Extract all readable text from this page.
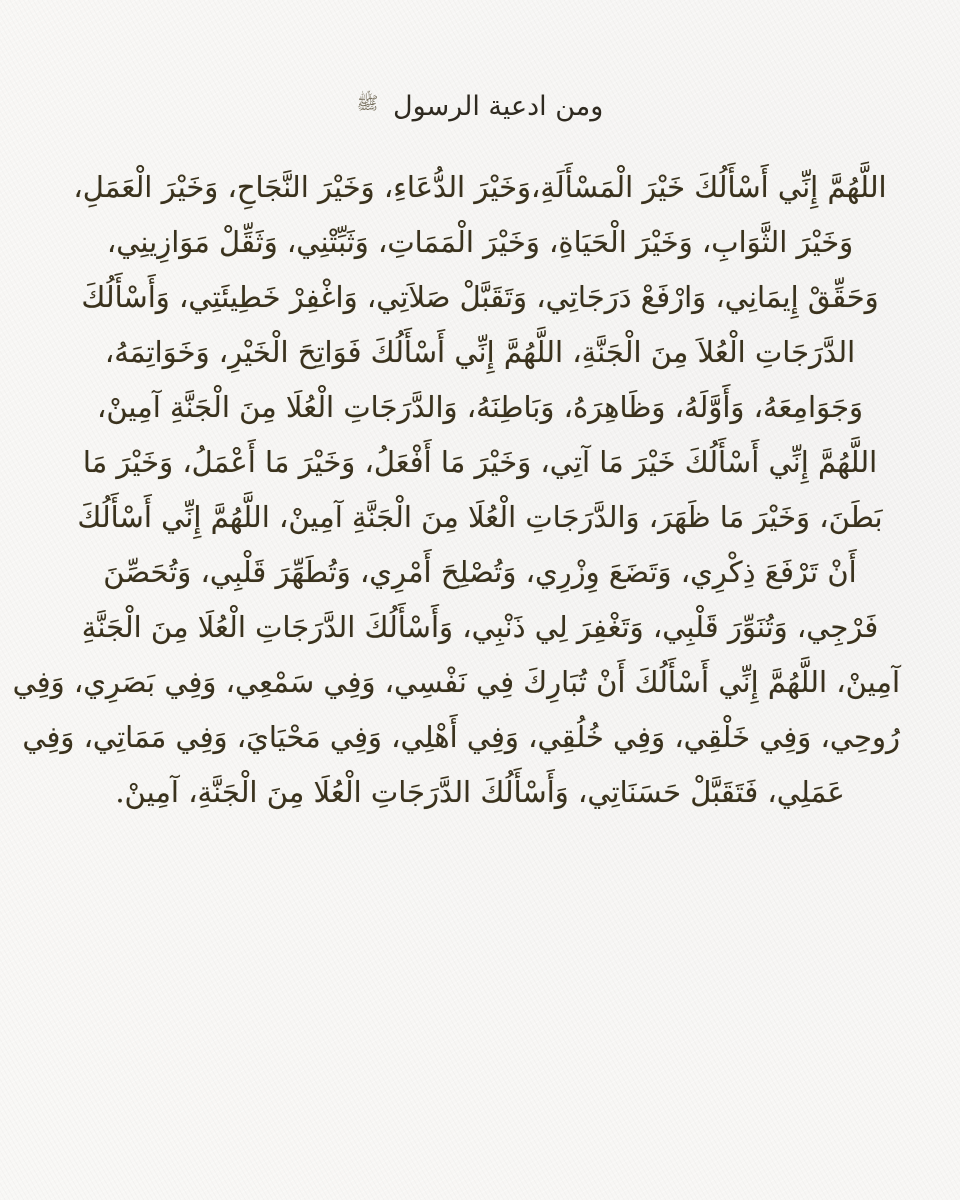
ومن ادعية الرسول $^ﷺ$
اللَّهُمَّ إِنِّي أَسْأَلُكَ خَيْرَ الْمَسْأَلَةِ،وَخَيْرَ الدُّعَاءِ، وَخَيْرَ النَّجَاحِ، وَخَيْرَ الْعَمَلِ،
وَخَيْرَ الثَّوَابِ، وَخَيْرَ الْحَيَاةِ، وَخَيْرَ الْمَمَاتِ، وَثَبِّتْنِي، وَثَقِّلْ مَوَازِينِي،
وَحَقِّقْ إِيمَانِي، وَارْفَعْ دَرَجَاتِي، وَتَقَبَّلْ صَلاَتِي، وَاغْفِرْ خَطِيئَتِي، وَأَسْأَلُكَ
الدَّرَجَاتِ الْعُلاَ مِنَ الْجَنَّةِ، اللَّهُمَّ إِنِّي أَسْأَلُكَ فَوَاتِحَ الْخَيْرِ، وَخَوَاتِمَهُ،
وَجَوَامِعَهُ، وَأَوَّلَهُ، وَظَاهِرَهُ، وَبَاطِنَهُ، وَالدَّرَجَاتِ الْعُلَا مِنَ الْجَنَّةِ آمِينْ،
اللَّهُمَّ إِنِّي أَسْأَلُكَ خَيْرَ مَا آتِي، وَخَيْرَ مَا أَفْعَلُ، وَخَيْرَ مَا أَعْمَلُ، وَخَيْرَ مَا
بَطَنَ، وَخَيْرَ مَا ظَهَرَ، وَالدَّرَجَاتِ الْعُلَا مِنَ الْجَنَّةِ آمِينْ، اللَّهُمَّ إِنِّي أَسْأَلُكَ
أَنْ تَرْفَعَ ذِكْرِي، وَتَضَعَ وِزْرِي، وَتُصْلِحَ أَمْرِي، وَتُطَهِّرَ قَلْبِي، وَتُحَصِّنَ
فَرْجِي، وَتُنَوِّرَ قَلْبِي، وَتَغْفِرَ لِي ذَنْبِي، وَأَسْأَلُكَ الدَّرَجَاتِ الْعُلَا مِنَ الْجَنَّةِ
آمِينْ، اللَّهُمَّ إِنِّي أَسْأَلُكَ أَنْ تُبَارِكَ فِي نَفْسِي، وَفِي سَمْعِي، وَفِي بَصَرِي، وَفِي
رُوحِي، وَفِي خَلْقِي، وَفِي خُلُقِي، وَفِي أَهْلِي، وَفِي مَحْيَايَ، وَفِي مَمَاتِي، وَفِي
عَمَلِي، فَتَقَبَّلْ حَسَنَاتِي، وَأَسْأَلُكَ الدَّرَجَاتِ الْعُلَا مِنَ الْجَنَّةِ، آمِينْ.
